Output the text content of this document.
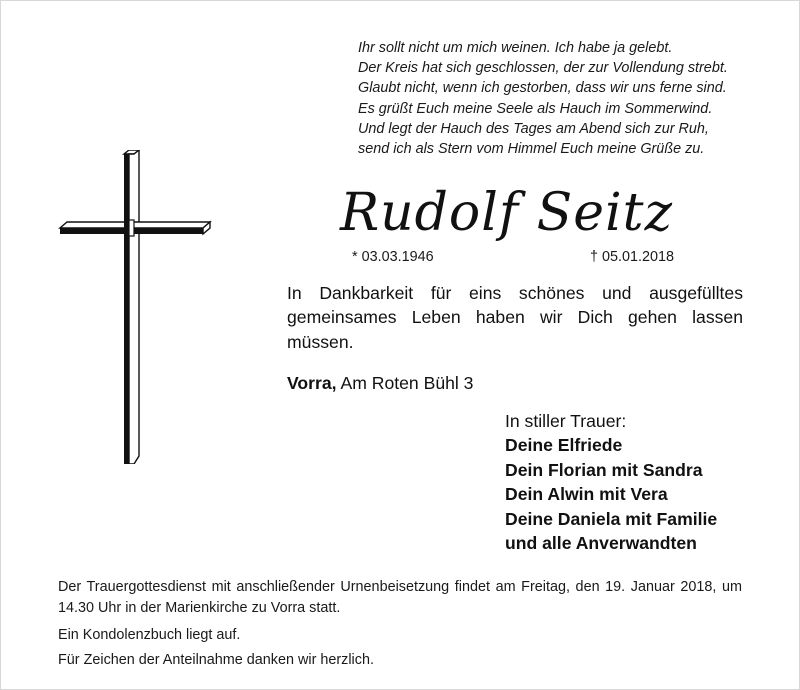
Ihr sollt nicht um mich weinen. Ich habe ja gelebt.
Der Kreis hat sich geschlossen, der zur Vollendung strebt.
Glaubt nicht, wenn ich gestorben, dass wir uns ferne sind.
Es grüßt Euch meine Seele als Hauch im Sommerwind.
Und legt der Hauch des Tages am Abend sich zur Ruh,
send ich als Stern vom Himmel Euch meine Grüße zu.
Rudolf Seitz
* 03.03.1946	† 05.01.2018
In Dankbarkeit für eins schönes und ausgefülltes gemeinsames Leben haben wir Dich gehen lassen müssen.
Vorra, Am Roten Bühl 3
In stiller Trauer:
Deine Elfriede
Dein Florian mit Sandra
Dein Alwin mit Vera
Deine Daniela mit Familie
und alle Anverwandten
Der Trauergottesdienst mit anschließender Urnenbeisetzung findet am Freitag, den 19. Januar 2018, um 14.30 Uhr in der Marienkirche zu Vorra statt.
Ein Kondolenzbuch liegt auf.
Für Zeichen der Anteilnahme danken wir herzlich.
